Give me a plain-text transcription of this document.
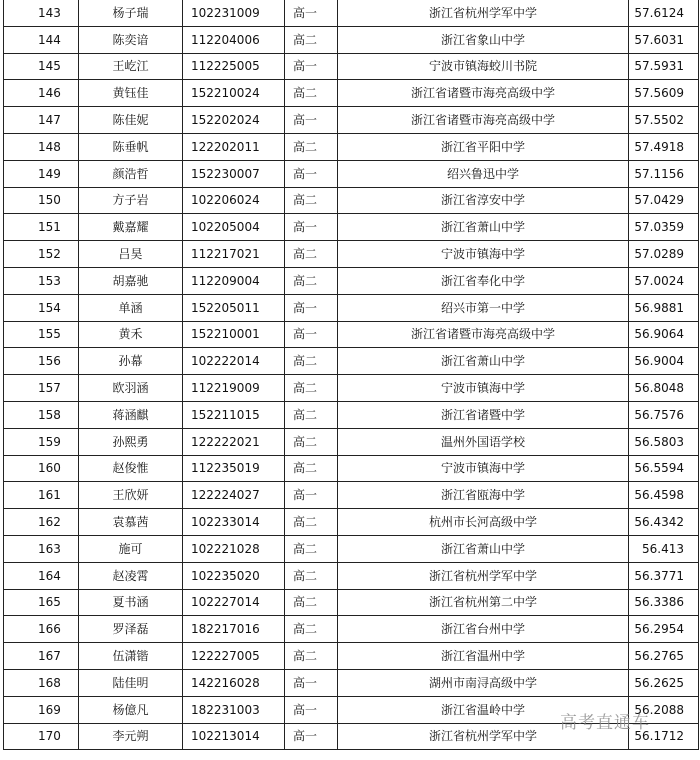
143	杨子瑞	102231009	高一	浙江省杭州学军中学	57.6124
144	陈奕谙	112204006	高二	浙江省象山中学	57.6031
145	王屹江	112225005	高一	宁波市镇海蛟川书院	57.5931
146	黄钰佳	152210024	高二	浙江省诸暨市海亮高级中学	57.5609
147	陈佳妮	152202024	高一	浙江省诸暨市海亮高级中学	57.5502
148	陈垂帆	122202011	高二	浙江省平阳中学	57.4918
149	颜浩哲	152230007	高一	绍兴鲁迅中学	57.1156
150	方子岩	102206024	高二	浙江省淳安中学	57.0429
151	戴嘉耀	102205004	高一	浙江省萧山中学	57.0359
152	吕昊	112217021	高二	宁波市镇海中学	57.0289
153	胡嘉驰	112209004	高二	浙江省奉化中学	57.0024
154	单涵	152205011	高一	绍兴市第一中学	56.9881
155	黄禾	152210001	高一	浙江省诸暨市海亮高级中学	56.9064
156	孙幕	102222014	高二	浙江省萧山中学	56.9004
157	欧羽涵	112219009	高二	宁波市镇海中学	56.8048
158	蒋涵麒	152211015	高二	浙江省诸暨中学	56.7576
159	孙熙勇	122222021	高二	温州外国语学校	56.5803
160	赵俊惟	112235019	高二	宁波市镇海中学	56.5594
161	王欣妍	122224027	高一	浙江省瓯海中学	56.4598
162	袁慕茜	102233014	高二	杭州市长河高级中学	56.4342
163	施可	102221028	高二	浙江省萧山中学	56.413
164	赵凌霄	102235020	高二	浙江省杭州学军中学	56.3771
165	夏书涵	102227014	高二	浙江省杭州第二中学	56.3386
166	罗泽磊	182217016	高二	浙江省台州中学	56.2954
167	伍潇锴	122227005	高二	浙江省温州中学	56.2765
168	陆佳明	142216028	高一	湖州市南浔高级中学	56.2625
169	杨億凡	182231003	高一	浙江省温岭中学	56.2088
170	李元朔	102213014	高一	浙江省杭州学军中学	56.1712
高考直通车
